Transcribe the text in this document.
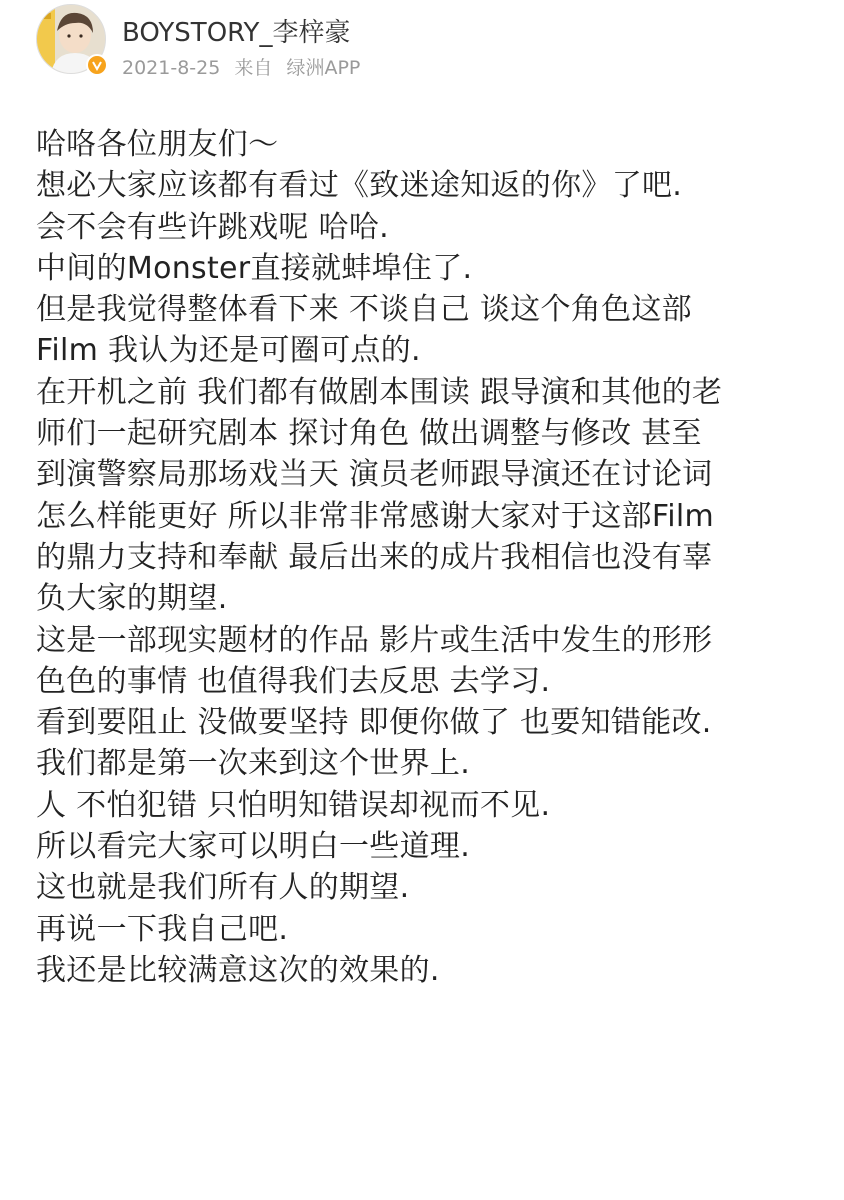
BOYSTORY_李梓豪
2021-8-25 来自 绿洲APP
哈咯各位朋友们～
想必大家应该都有看过《致迷途知返的你》了吧.
会不会有些许跳戏呢 哈哈.
中间的Monster直接就蚌埠住了.
但是我觉得整体看下来 不谈自己 谈这个角色这部
Film 我认为还是可圈可点的.
在开机之前 我们都有做剧本围读 跟导演和其他的老
师们一起研究剧本 探讨角色 做出调整与修改 甚至
到演警察局那场戏当天 演员老师跟导演还在讨论词
怎么样能更好 所以非常非常感谢大家对于这部Film
的鼎力支持和奉献 最后出来的成片我相信也没有辜
负大家的期望.
这是一部现实题材的作品 影片或生活中发生的形形
色色的事情 也值得我们去反思 去学习.
看到要阻止 没做要坚持 即便你做了 也要知错能改.
我们都是第一次来到这个世界上.
人 不怕犯错 只怕明知错误却视而不见.
所以看完大家可以明白一些道理.
这也就是我们所有人的期望.
再说一下我自己吧.
我还是比较满意这次的效果的.
